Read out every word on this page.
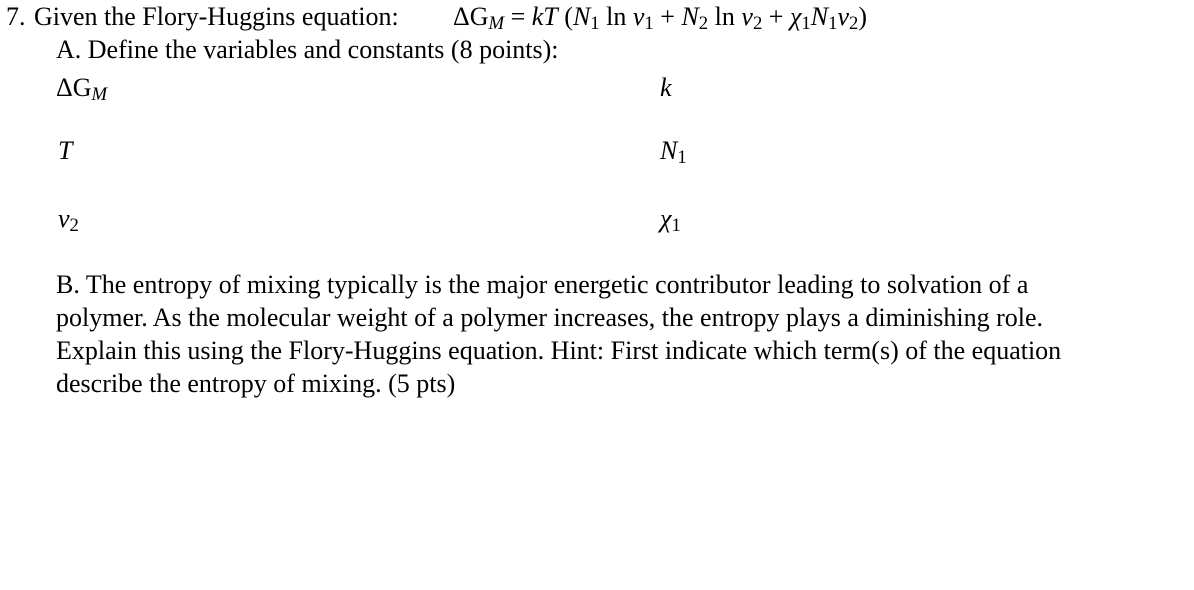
7. Given the Flory-Huggins equation: $\Delta G_M$ = kT ($N_1$ $\ln v_1 + N_2$ $\ln v_2 + \chi_1N_1v_2$)
A. Define the variables and constants (8 points):
$\Delta G_M$	k
T	$N_1$
$v_2$	$\chi_1$

B. The entropy of mixing typically is the major energetic contributor leading to solvation of a

polymer. As the molecular weight of a polymer increases, the entropy plays a diminishing role.

Explain this using the Flory-Huggins equation. Hint: First indicate which term(s) of the equation

describe the entropy of mixing. (5 pts)
